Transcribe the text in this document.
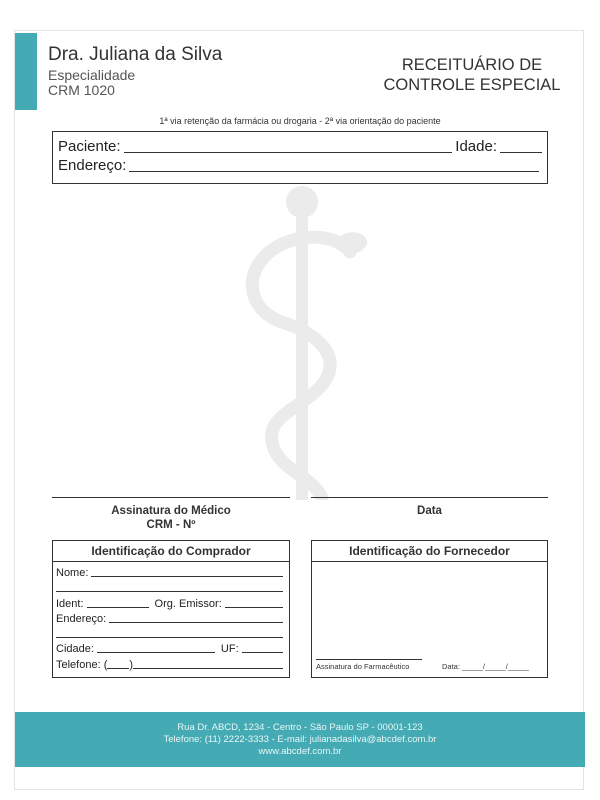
Dra. Juliana da Silva
Especialidade
CRM 1020
RECEITUÁRIO DE
CONTROLE ESPECIAL
1ª via retenção da farmácia ou drogaria - 2ª via orientação do paciente
Paciente:	Idade:
Endereço:
Assinatura do Médico
CRM - Nº
Data
Identificação do Comprador
Nome:
Ident:	Org. Emissor:
Endereço:
Cidade:	UF:
Telefone: ( )
Identificação do Fornecedor
Assinatura do Farmacêutico	Data: _____/_____/_____
Rua Dr. ABCD, 1234 - Centro - São Paulo SP - 00001-123
Telefone: (11) 2222-3333 - E-mail: julianadasilva@abcdef.com.br
www.abcdef.com.br
